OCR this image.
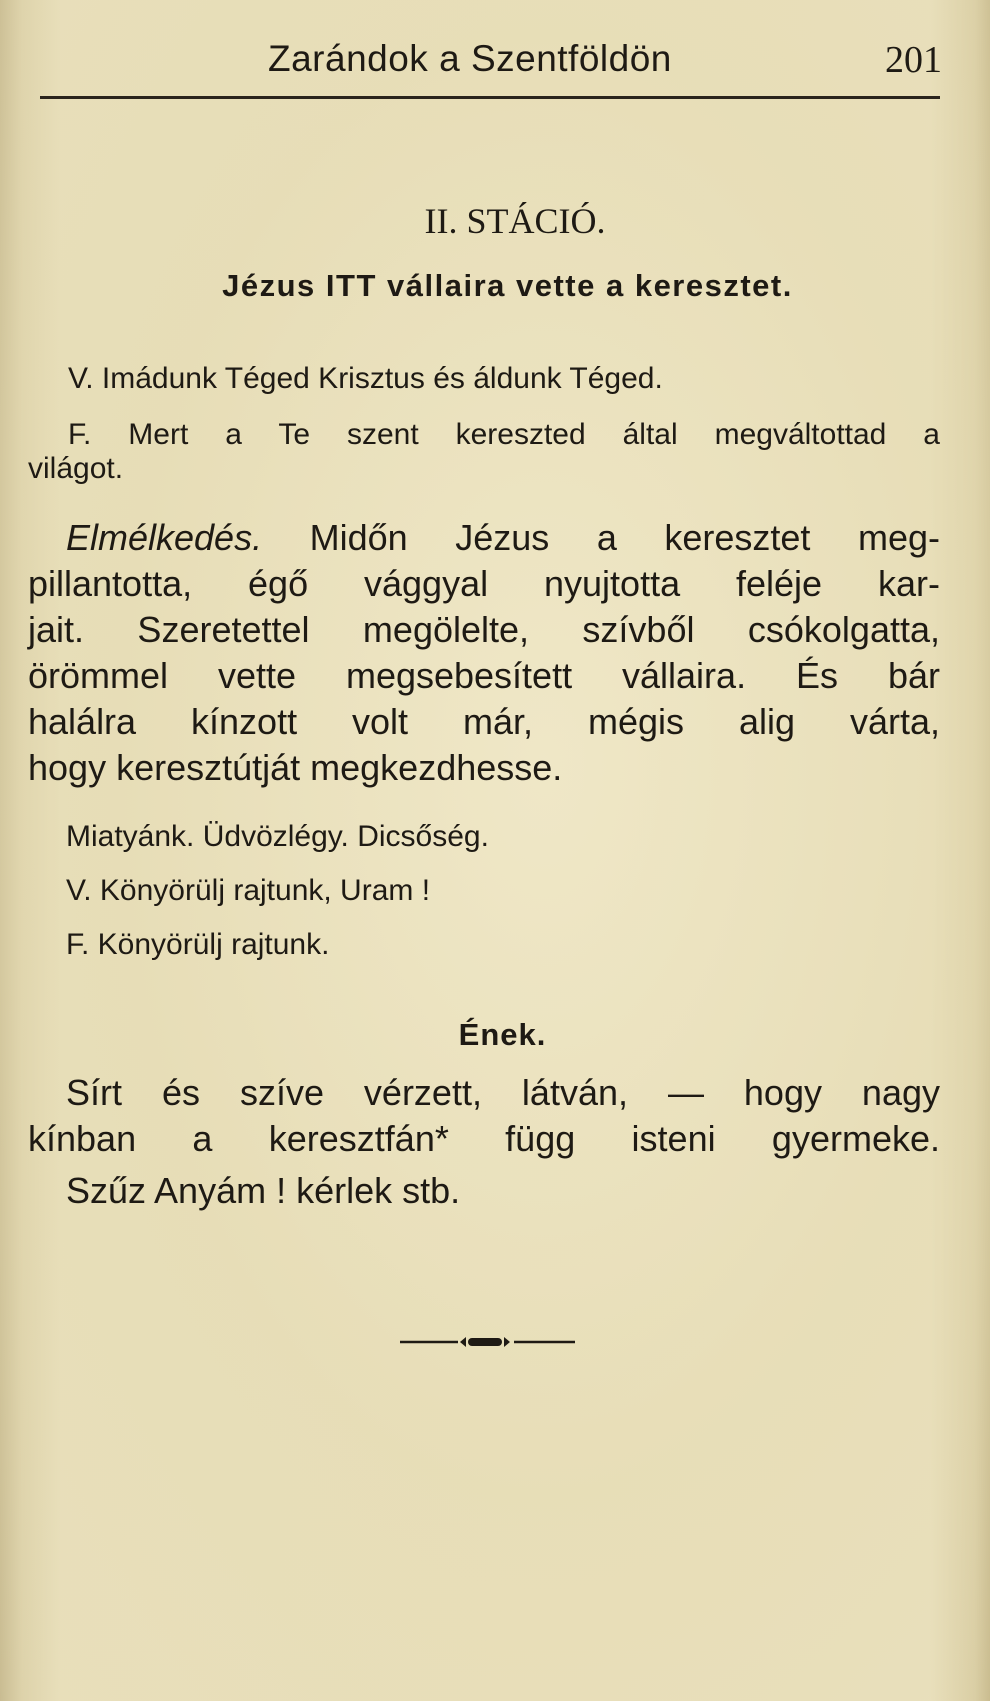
Zarándok a Szentföldön	201
II. STÁCIÓ.
Jézus ITT vállaira vette a keresztet.
V. Imádunk Téged Krisztus és áldunk Téged.
F. Mert a Te szent kereszted által megváltottad a
világot.
Elmélkedés. Midőn Jézus a keresztet meg-
pillantotta, égő vággyal nyujtotta feléje kar-
jait. Szeretettel megölelte, szívből csókolgatta,
örömmel vette megsebesített vállaira. És bár
halálra kínzott volt már, mégis alig várta,
hogy keresztútját megkezdhesse.
Miatyánk. Üdvözlégy. Dicsőség.
V. Könyörülj rajtunk, Uram !
F. Könyörülj rajtunk.
Ének.
Sírt és szíve vérzett, látván, — hogy nagy
kínban a keresztfán* függ isteni gyermeke.
Szűz Anyám ! kérlek stb.
